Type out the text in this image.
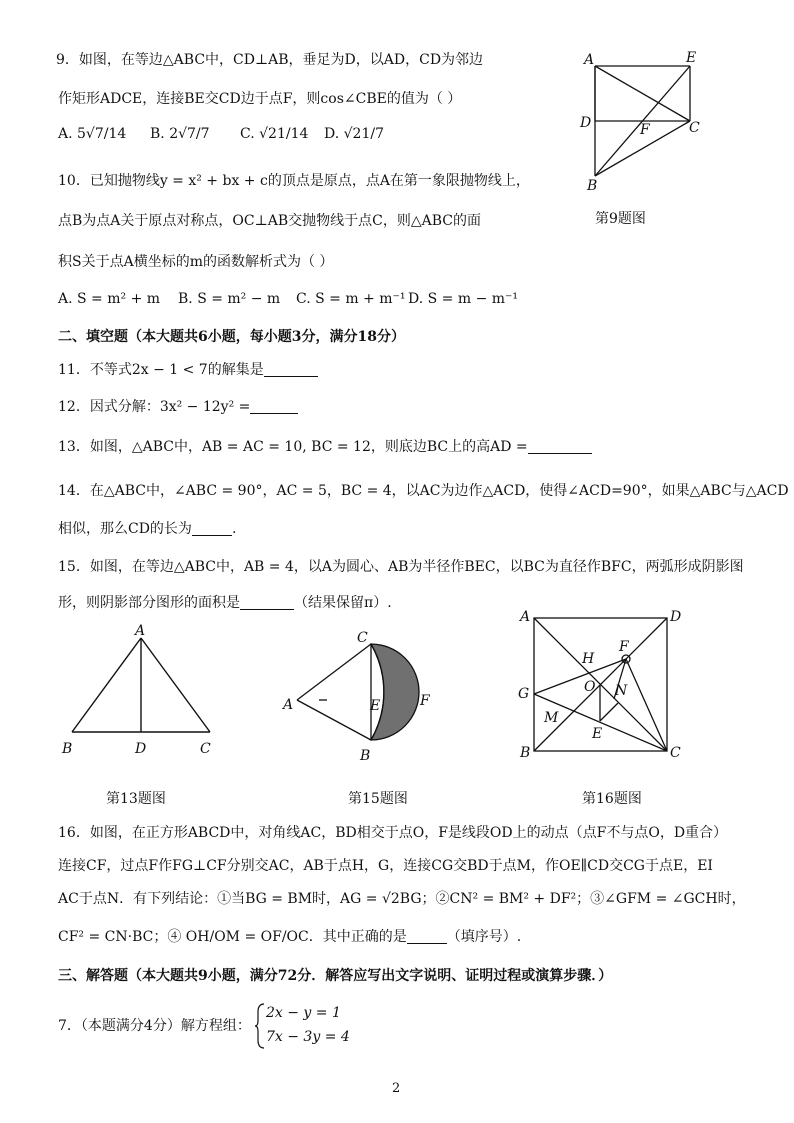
9．如图，在等边△ABC中，CD⊥AB，垂足为D，以AD，CD为邻边
作矩形ADCE，连接BE交CD边于点F，则cos∠CBE的值为（ ）
A. 5√7/14 B. 2√7/7 C. √21/14 D. √21/7
A	E
D	F	C
B
第9题图
10．已知抛物线y = x² + bx + c的顶点是原点，点A在第一象限抛物线上，
点B为点A关于原点对称点，OC⊥AB交抛物线于点C，则△ABC的面
积S关于点A横坐标的m的函数解析式为（ ）
A. S = m² + m B. S = m² − m C. S = m + m⁻¹ D. S = m − m⁻¹
二、填空题（本大题共6小题，每小题3分，满分18分）
11．不等式2x − 1 < 7的解集是
12．因式分解：3x² − 12y² =
13．如图，△ABC中，AB = AC = 10, BC = 12，则底边BC上的高AD =
14．在△ABC中，∠ABC = 90°，AC = 5，BC = 4，以AC为边作△ACD，使得∠ACD=90°，如果△ABC与△ACD
相似，那么CD的长为	.
15．如图，在等边△ABC中，AB = 4，以A为圆心、AB为半径作BEC，以BC为直径作BFC，两弧形成阴影图
形，则阴影部分图形的面积是	（结果保留π）.
A
B	D	C
第13题图
A
C
E	F
B
第15题图
A	D
H
F
O N
G
M
E
B	C
第16题图
16．如图，在正方形ABCD中，对角线AC，BD相交于点O，F是线段OD上的动点（点F不与点O，D重合）
连接CF，过点F作FG⊥CF分别交AC，AB于点H，G，连接CG交BD于点M，作OE∥CD交CG于点E，EI
AC于点N．有下列结论：①当BG = BM时，AG = √2BG；②CN² = BM² + DF²；③∠GFM = ∠GCH时，
CF² = CN·BC；④ OH/OM = OF/OC．其中正确的是	（填序号）.
三、解答题（本大题共9小题，满分72分．解答应写出文字说明、证明过程或演算步骤．）
7．（本题满分4分）解方程组：
2x − y = 1
7x − 3y = 4
2
